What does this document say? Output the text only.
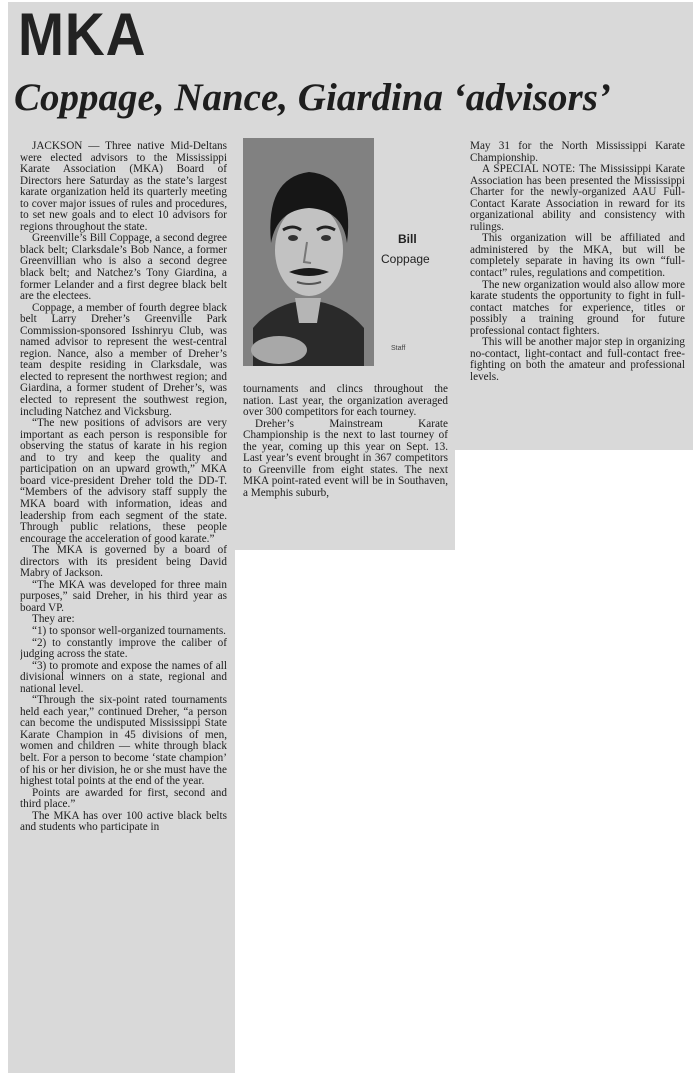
MKA
Coppage, Nance, Giardina ‘advisors’

JACKSON — Three native Mid-Deltans were elected advisors to the Mississippi Karate Association (MKA) Board of Directors here Saturday as the state’s largest karate organization held its quarterly meeting to cover major issues of rules and procedures, to set new goals and to elect 10 advisors for regions throughout the state.

Greenville’s Bill Coppage, a second degree black belt; Clarksdale’s Bob Nance, a former Greenvillian who is also a second degree black belt; and Natchez’s Tony Giardina, a former Lelander and a first degree black belt are the electees.

Coppage, a member of fourth degree black belt Larry Dreher’s Greenville Park Commission-sponsored Isshinryu Club, was named advisor to represent the west-central region. Nance, also a member of Dreher’s team despite residing in Clarksdale, was elected to represent the northwest region; and Giardina, a former student of Dreher’s, was elected to represent the southwest region, including Natchez and Vicksburg.

“The new positions of advisors are very important as each person is responsible for observing the status of karate in his region and to try and keep the quality and participation on an upward growth,” MKA board vice-president Dreher told the DD-T. “Members of the advisory staff supply the MKA board with information, ideas and leadership from each segment of the state. Through public relations, these people encourage the acceleration of good karate.”

The MKA is governed by a board of directors with its president being David Mabry of Jackson.

“The MKA was developed for three main purposes,” said Dreher, in his third year as board VP.

They are:

“1) to sponsor well-organized tournaments.

“2) to constantly improve the caliber of judging across the state.

“3) to promote and expose the names of all divisional winners on a state, regional and national level.

“Through the six-point rated tournaments held each year,” continued Dreher, “a person can become the undisputed Mississippi State Karate Champion in 45 divisions of men, women and children — white through black belt. For a person to become ‘state champion’ of his or her division, he or she must have the highest total points at the end of the year.

Points are awarded for first, second and third place.”

The MKA has over 100 active black belts and students who participate in

Bill
Coppage
Staff

tournaments and clincs throughout the nation. Last year, the organization averaged over 300 competitors for each tourney.

Dreher’s Mainstream Karate Championship is the next to last tourney of the year, coming up this year on Sept. 13. Last year’s event brought in 367 competitors to Greenville from eight states. The next MKA point-rated event will be in Southaven, a Memphis suburb,

May 31 for the North Mississippi Karate Championship.

A SPECIAL NOTE: The Mississippi Karate Association has been presented the Mississippi Charter for the newly-organized AAU Full-Contact Karate Association in reward for its organizational ability and consistency with rulings.

This organization will be affiliated and administered by the MKA, but will be completely separate in having its own “full-contact” rules, regulations and competition.

The new organization would also allow more karate students the opportunity to fight in full-contact matches for experience, titles or possibly a training ground for future professional contact fighters.

This will be another major step in organizing no-contact, light-contact and full-contact free-fighting on both the amateur and professional levels.
